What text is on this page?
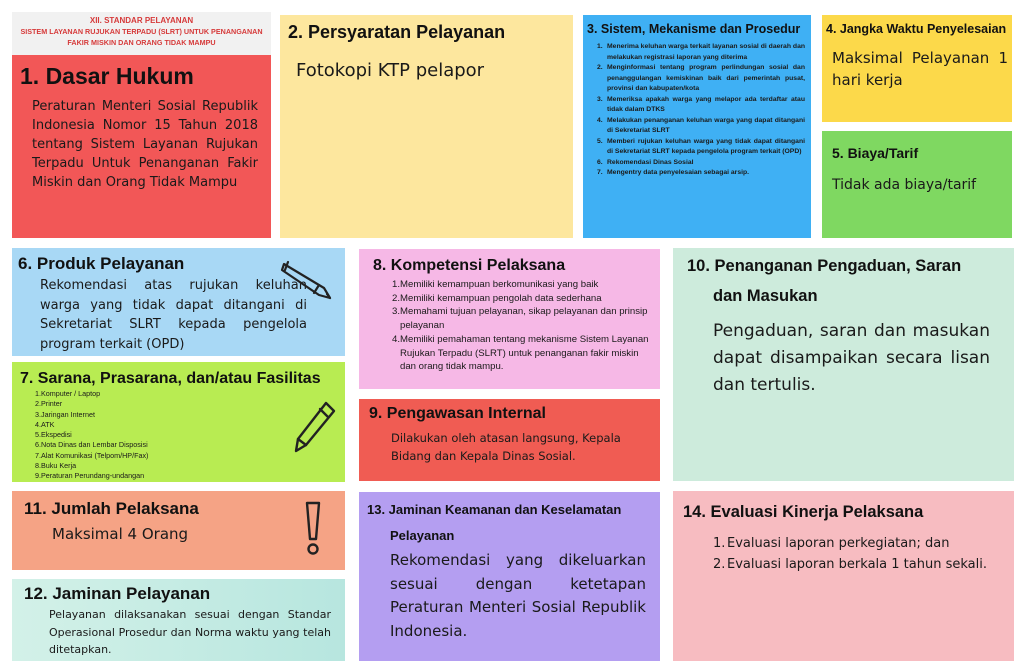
XII. STANDAR PELAYANAN
SISTEM LAYANAN RUJUKAN TERPADU (SLRT) UNTUK PENANGANAN
FAKIR MISKIN DAN ORANG TIDAK MAMPU
1. Dasar Hukum
Peraturan Menteri Sosial Republik Indonesia Nomor 15 Tahun 2018 tentang Sistem Layanan Rujukan Terpadu Untuk Penanganan Fakir Miskin dan Orang Tidak Mampu
2. Persyaratan Pelayanan
Fotokopi KTP pelapor
3. Sistem, Mekanisme dan Prosedur
1. Menerima keluhan warga terkait layanan sosial di daerah dan melakukan registrasi laporan yang diterima
2. Menginformasi tentang program perlindungan sosial dan penanggulangan kemiskinan baik dari pemerintah pusat, provinsi dan kabupaten/kota
3. Memeriksa apakah warga yang melapor ada terdaftar atau tidak dalam DTKS
4. Melakukan penanganan keluhan warga yang dapat ditangani di Sekretariat SLRT
5. Memberi rujukan keluhan warga yang tidak dapat ditangani di Sekretariat SLRT kepada pengelola program terkait (OPD)
6. Rekomendasi Dinas Sosial
7. Mengentry data penyelesaian sebagai arsip.
4. Jangka Waktu Penyelesaian
Maksimal Pelayanan 1 hari kerja
5. Biaya/Tarif
Tidak ada biaya/tarif
6. Produk Pelayanan
Rekomendasi atas rujukan keluhan warga yang tidak dapat ditangani di Sekretariat SLRT kepada pengelola program terkait (OPD)
7. Sarana, Prasarana, dan/atau Fasilitas
1. Komputer / Laptop
2. Printer
3. Jaringan Internet
4. ATK
5. Ekspedisi
6. Nota Dinas dan Lembar Disposisi
7. Alat Komunikasi (Telpom/HP/Fax)
8. Buku Kerja
9. Peraturan Perundang-undangan
8. Kompetensi Pelaksana
1. Memiliki kemampuan berkomunikasi yang baik
2. Memiliki kemampuan pengolah data sederhana
3. Memahami tujuan pelayanan, sikap pelayanan dan prinsip pelayanan
4. Memiliki pemahaman tentang mekanisme Sistem Layanan Rujukan Terpadu (SLRT) untuk penanganan fakir miskin dan orang tidak mampu.
9. Pengawasan Internal
Dilakukan oleh atasan langsung, Kepala Bidang dan Kepala Dinas Sosial.
10. Penanganan Pengaduan, Saran
dan Masukan
Pengaduan, saran dan masukan dapat disampaikan secara lisan dan tertulis.
11. Jumlah Pelaksana
Maksimal 4 Orang
12. Jaminan Pelayanan
Pelayanan dilaksanakan sesuai dengan Standar Operasional Prosedur dan Norma waktu yang telah ditetapkan.
13. Jaminan Keamanan dan Keselamatan
Pelayanan
Rekomendasi yang dikeluarkan sesuai dengan ketetapan Peraturan Menteri Sosial Republik Indonesia.
14. Evaluasi Kinerja Pelaksana
1. Evaluasi laporan perkegiatan; dan
2. Evaluasi laporan berkala 1 tahun sekali.
